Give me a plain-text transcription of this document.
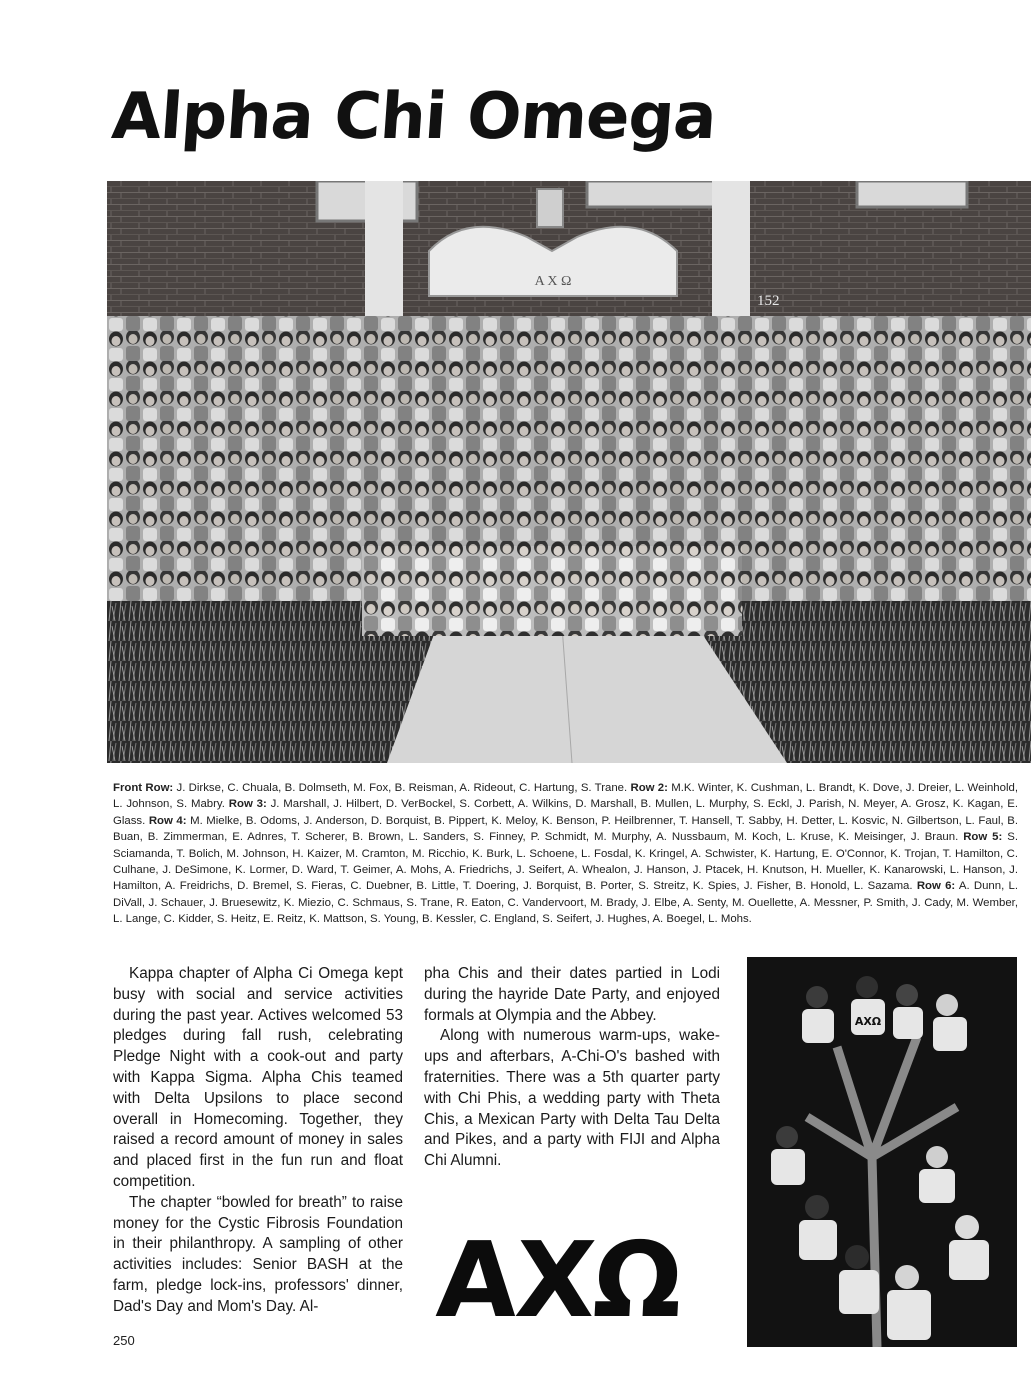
Alpha Chi Omega
Α Χ Ω
152
Front Row: J. Dirkse, C. Chuala, B. Dolmseth, M. Fox, B. Reisman, A. Rideout, C. Hartung, S. Trane. Row 2: M.K. Winter, K. Cushman, L. Brandt, K. Dove, J. Dreier, L. Weinhold, L. Johnson, S. Mabry. Row 3: J. Marshall, J. Hilbert, D. VerBockel, S. Corbett, A. Wilkins, D. Marshall, B. Mullen, L. Murphy, S. Eckl, J. Parish, N. Meyer, A. Grosz, K. Kagan, E. Glass. Row 4: M. Mielke, B. Odoms, J. Anderson, D. Borquist, B. Pippert, K. Meloy, K. Benson, P. Heilbrenner, T. Hansell, T. Sabby, H. Detter, L. Kosvic, N. Gilbertson, L. Faul, B. Buan, B. Zimmerman, E. Adnres, T. Scherer, B. Brown, L. Sanders, S. Finney, P. Schmidt, M. Murphy, A. Nussbaum, M. Koch, L. Kruse, K. Meisinger, J. Braun. Row 5: S. Sciamanda, T. Bolich, M. Johnson, H. Kaizer, M. Cramton, M. Ricchio, K. Burk, L. Schoene, L. Fosdal, K. Kringel, A. Schwister, K. Hartung, E. O'Connor, K. Trojan, T. Hamilton, C. Culhane, J. DeSimone, K. Lormer, D. Ward, T. Geimer, A. Mohs, A. Friedrichs, J. Seifert, A. Whealon, J. Hanson, J. Ptacek, H. Knutson, H. Mueller, K. Kanarowski, L. Hanson, J. Hamilton, A. Freidrichs, D. Bremel, S. Fieras, C. Duebner, B. Little, T. Doering, J. Borquist, B. Porter, S. Streitz, K. Spies, J. Fisher, B. Honold, L. Sazama. Row 6: A. Dunn, L. DiVall, J. Schauer, J. Bruesewitz, K. Miezio, C. Schmaus, S. Trane, R. Eaton, C. Vandervoort, M. Brady, J. Elbe, A. Senty, M. Ouellette, A. Messner, P. Smith, J. Cady, M. Wember, L. Lange, C. Kidder, S. Heitz, E. Reitz, K. Mattson, S. Young, B. Kessler, C. England, S. Seifert, J. Hughes, A. Boegel, L. Mohs.

Kappa chapter of Alpha Ci Omega kept busy with social and service activities during the past year. Actives welcomed 53 pledges during fall rush, celebrating Pledge Night with a cook-out and party with Kappa Sigma. Alpha Chis teamed with Delta Upsilons to place second overall in Homecoming. Together, they raised a record amount of money in sales and placed first in the fun run and float competition.

The chapter “bowled for breath” to raise money for the Cystic Fibrosis Foundation in their philanthropy. A sampling of other activities includes: Senior BASH at the farm, pledge lock-ins, professors' dinner, Dad's Day and Mom's Day. Al-

pha Chis and their dates partied in Lodi during the hayride Date Party, and enjoyed formals at Olympia and the Abbey.

Along with numerous warm-ups, wake-ups and afterbars, A-Chi-O's bashed with fraternities. There was a 5th quarter party with Chi Phis, a wedding party with Theta Chis, a Mexican Party with Delta Tau Delta and Pikes, and a party with FIJI and Alpha Chi Alumni.

ΑΧΩ
ΑΧΩ
250
